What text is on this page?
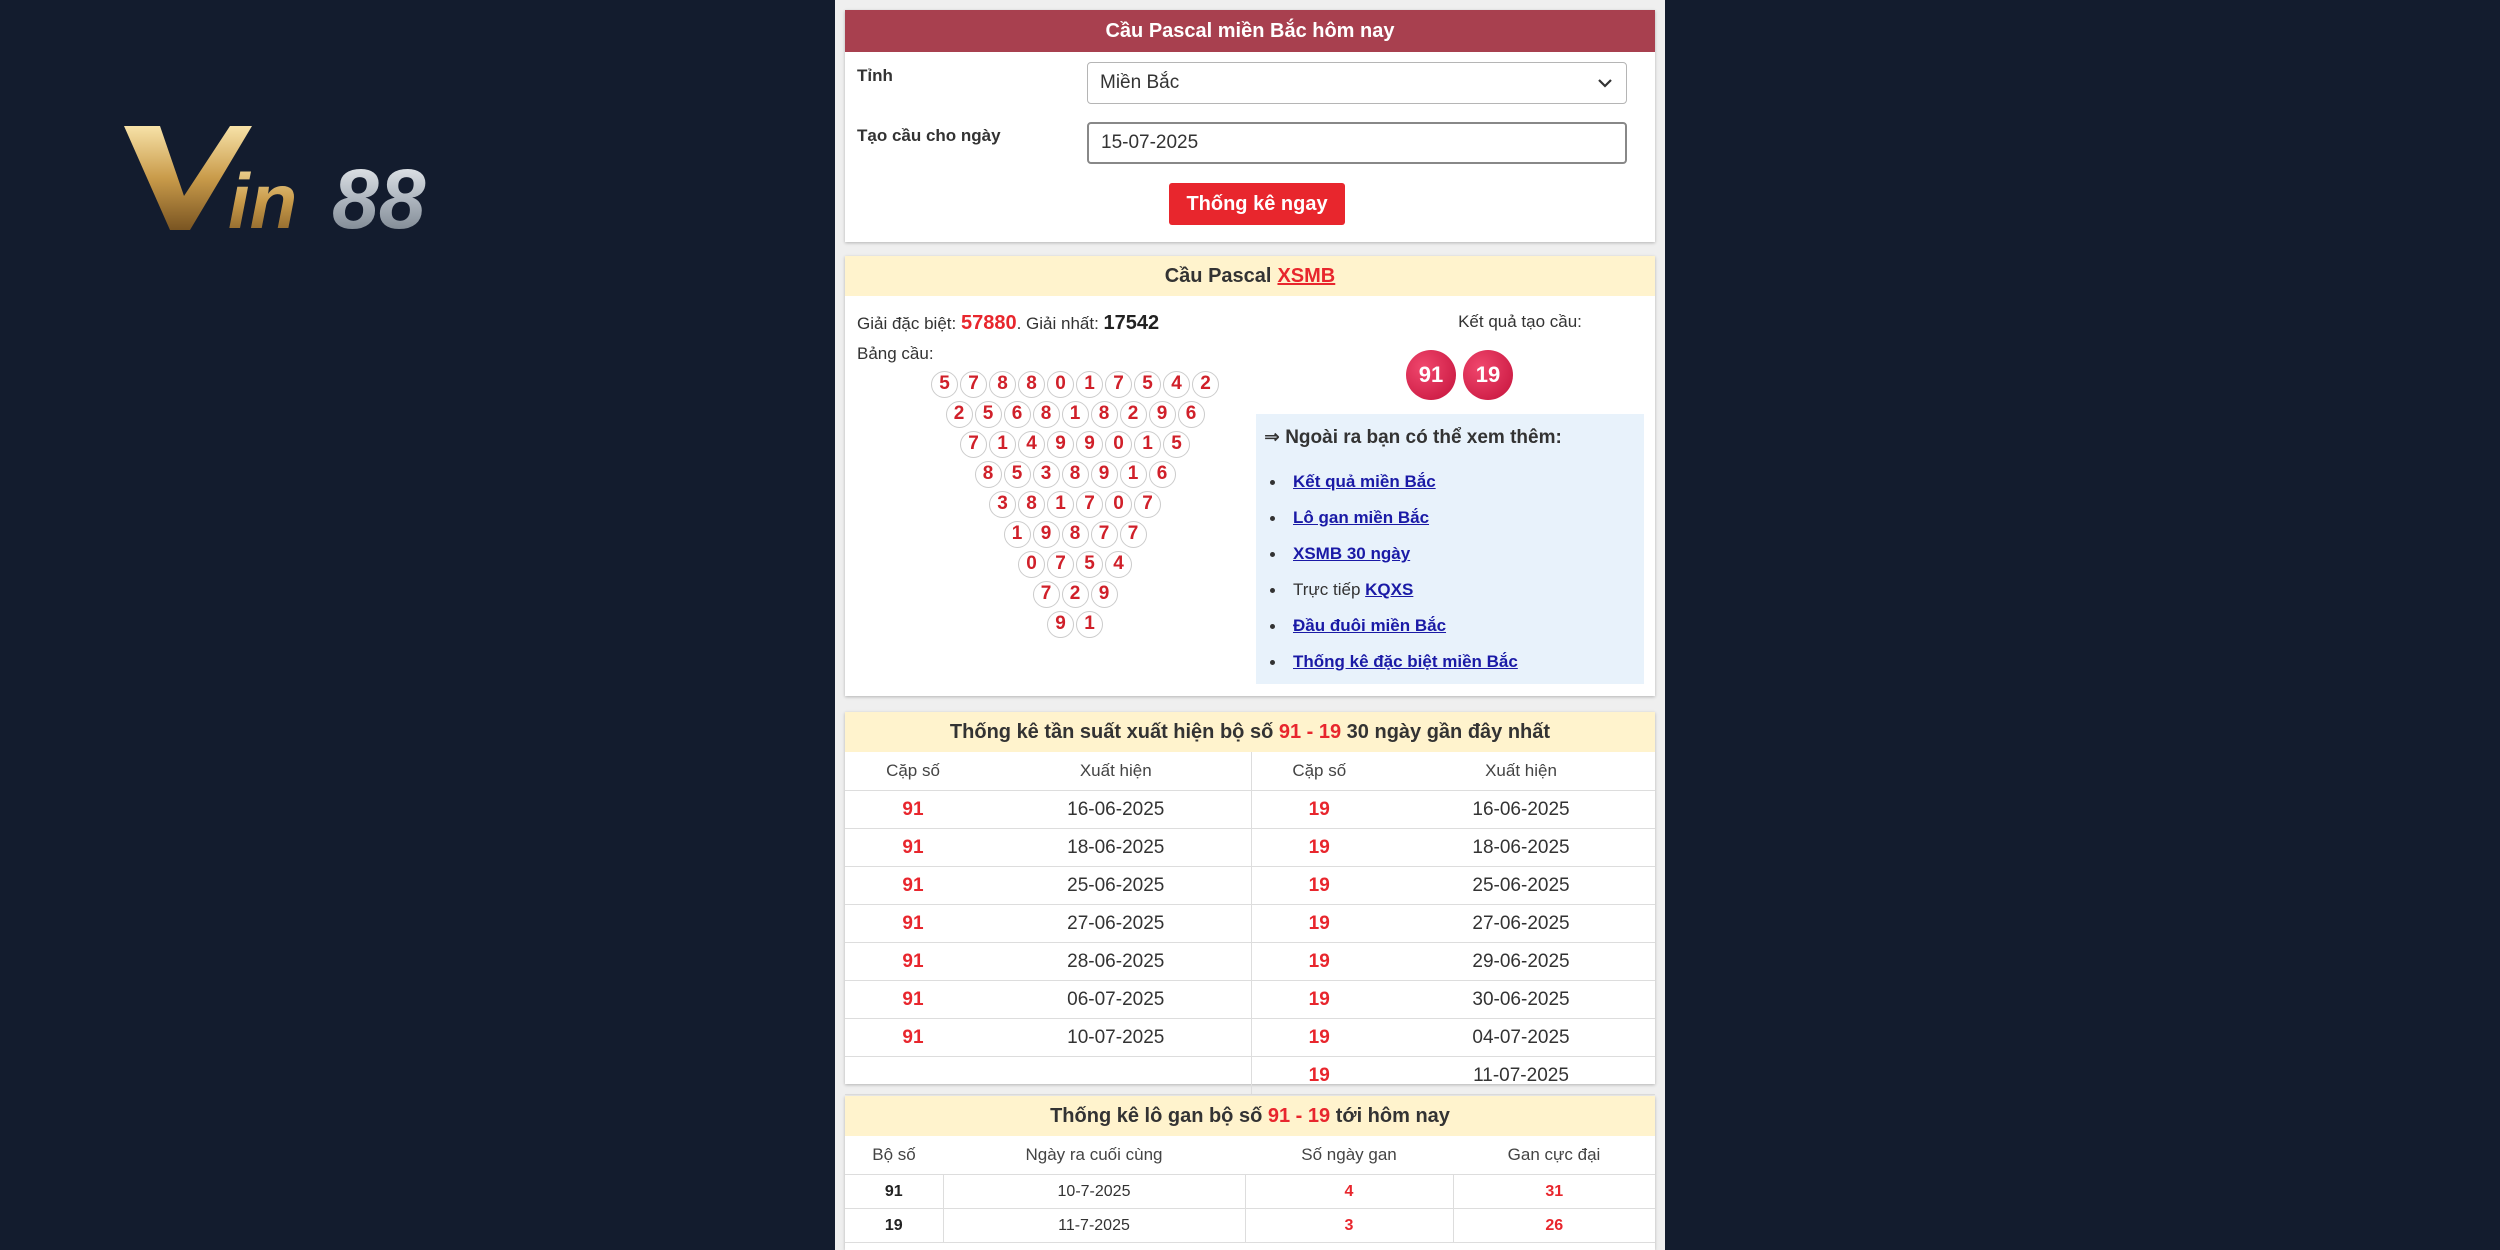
in 88
Cầu Pascal miền Bắc hôm nay
Tỉnh	Miền Bắc
Tạo cầu cho ngày	15-07-2025
Thống kê ngay
Cầu Pascal XSMB
Giải đặc biệt: 57880. Giải nhất: 17542
Bảng cầu:
5 7 8 8 0 1 7 5 4 2
2 5 6 8 1 8 2 9 6
7 1 4 9 9 0 1 5
8 5 3 8 9 1 6
3 8 1 7 0 7
1 9 8 7 7
0 7 5 4
7 2 9
9 1
Kết quả tạo cầu:
91	19
⇒ Ngoài ra bạn có thể xem thêm:
Kết quả miền Bắc
Lô gan miền Bắc
XSMB 30 ngày
Trực tiếp KQXS
Đầu đuôi miền Bắc
Thống kê đặc biệt miền Bắc
Thống kê tần suất xuất hiện bộ số
91 - 19
30 ngày gần đây nhất
Cặp số	Xuất hiện	Cặp số	Xuất hiện
91	16-06-2025	19	16-06-2025
91	18-06-2025	19	18-06-2025
91	25-06-2025	19	25-06-2025
91	27-06-2025	19	27-06-2025
91	28-06-2025	19	29-06-2025
91	06-07-2025	19	30-06-2025
91	10-07-2025	19	04-07-2025
		19	11-07-2025
Thống kê lô gan bộ số
91 - 19
tới hôm nay
Bộ số	Ngày ra cuối cùng	Số ngày gan	Gan cực đại
91	10-7-2025	4	31
19	11-7-2025	3	26
